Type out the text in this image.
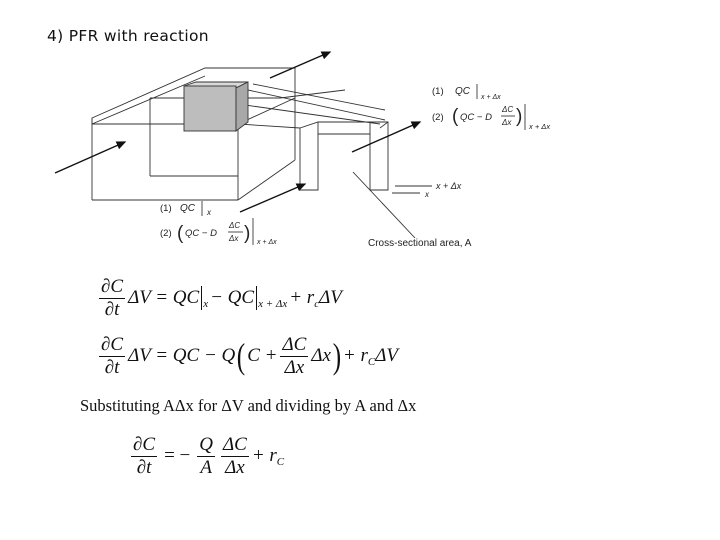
4) PFR with reaction
(1) QC
x + Δx
(2) ( QC − D
ΔC
Δx ) x + Δx
x + Δx
x
(1) QC x
(2) ( QC − D
ΔC
Δx ) x + Δx	Cross-sectional area, A
$\frac{\partial C}{\partial t}$ ΔV = QC x − QC x + Δx + r c ΔV
$\frac{\partial C}{\partial t}$ ΔV = QC − Q ( $C + \frac{\Delta C}{\Delta x}$ Δx ) + r C ΔV
Substituting AΔx for ΔV and dividing by A and Δx
$\frac{\partial C}{\partial t}$ = − $\frac{Q}{A} \frac{\Delta C}{\Delta x} + r$ C
